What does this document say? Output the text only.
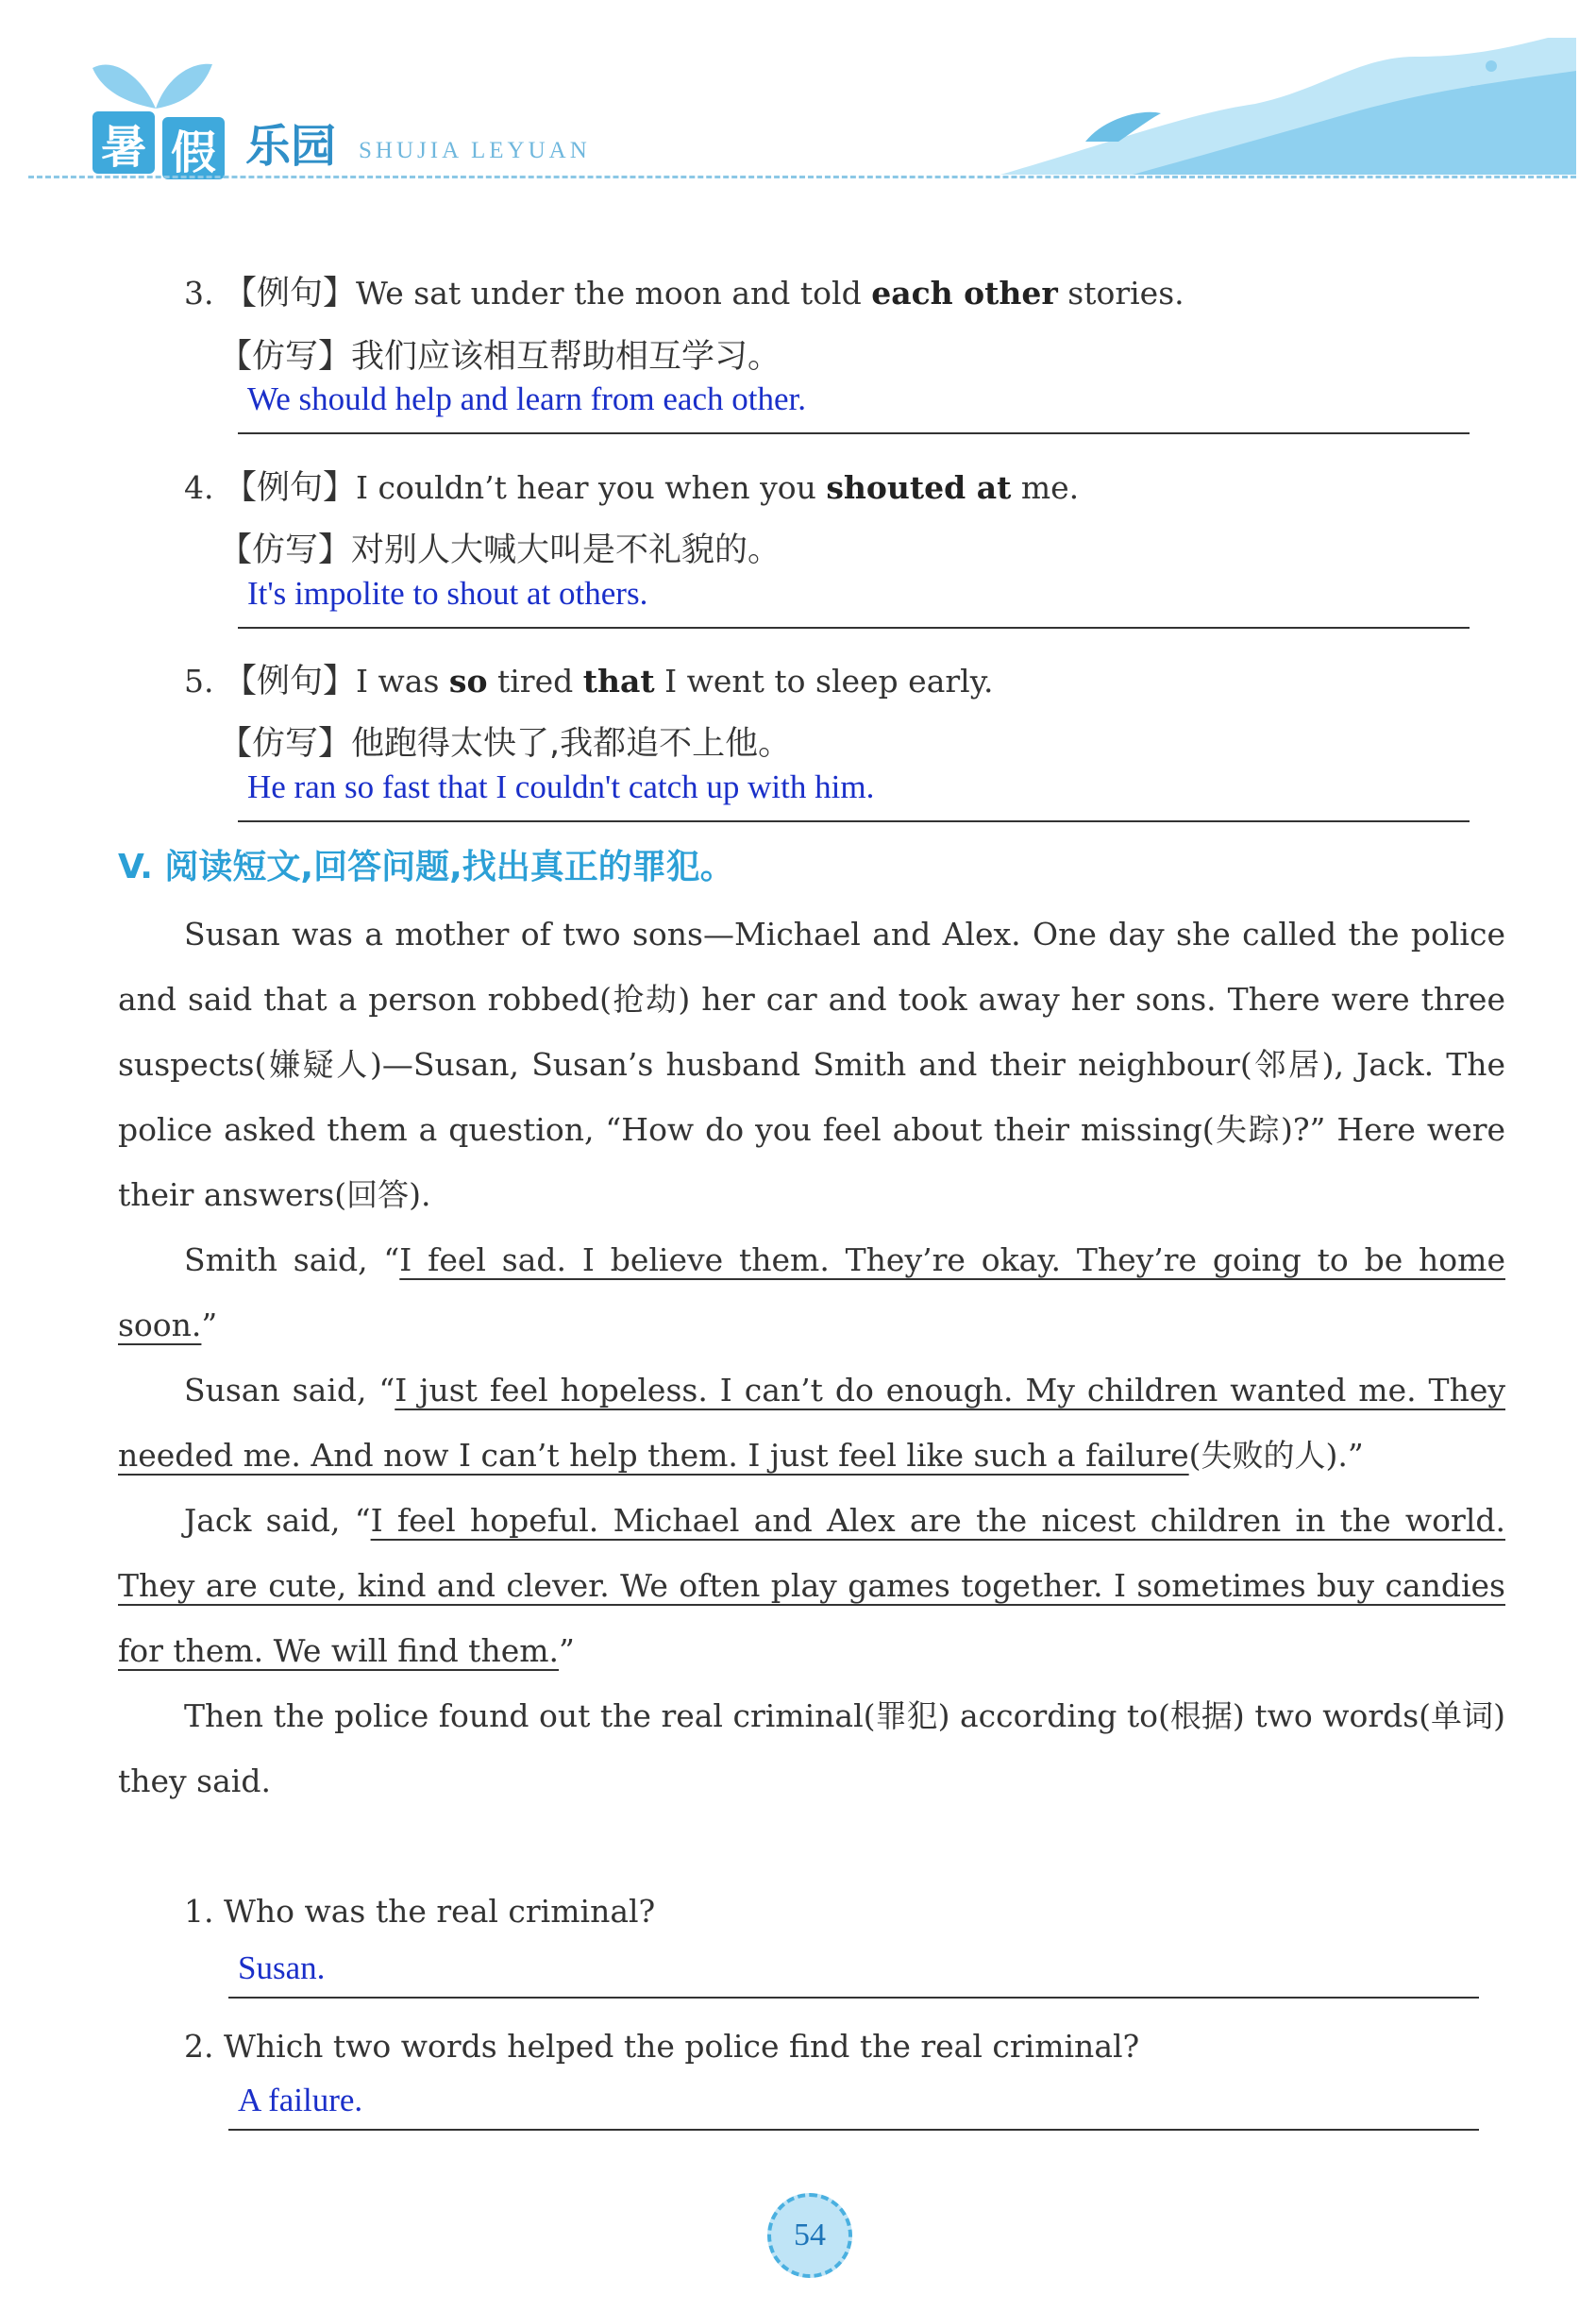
暑 假 乐园 SHUJIA LEYUAN
3. 【例句】We sat under the moon and told each other stories.
【仿写】我们应该相互帮助相互学习。
We should help and learn from each other.
4. 【例句】I couldn’t hear you when you shouted at me.
【仿写】对别人大喊大叫是不礼貌的。
It's impolite to shout at others.
5. 【例句】I was so tired that I went to sleep early.
【仿写】他跑得太快了,我都追不上他。
He ran so fast that I couldn't catch up with him.
V. 阅读短文,回答问题,找出真正的罪犯。

Susan was a mother of two sons—Michael and Alex. One day she called the police and said that a person robbed(抢劫) her car and took away her sons. There were three suspects(嫌疑人)—Susan, Susan’s husband Smith and their neighbour(邻居), Jack. The police asked them a question, “How do you feel about their missing(失踪)?” Here were their answers(回答).

Smith said, “I feel sad. I believe them. They’re okay. They’re going to be home soon.”

Susan said, “I just feel hopeless. I can’t do enough. My children wanted me. They needed me. And now I can’t help them. I just feel like such a failure(失败的人).”

Jack said, “I feel hopeful. Michael and Alex are the nicest children in the world. They are cute, kind and clever. We often play games together. I sometimes buy candies for them. We will find them.”

Then the police found out the real criminal(罪犯) according to(根据) two words(单词) they said.

1. Who was the real criminal?
Susan.
2. Which two words helped the police find the real criminal?
A failure.
54
